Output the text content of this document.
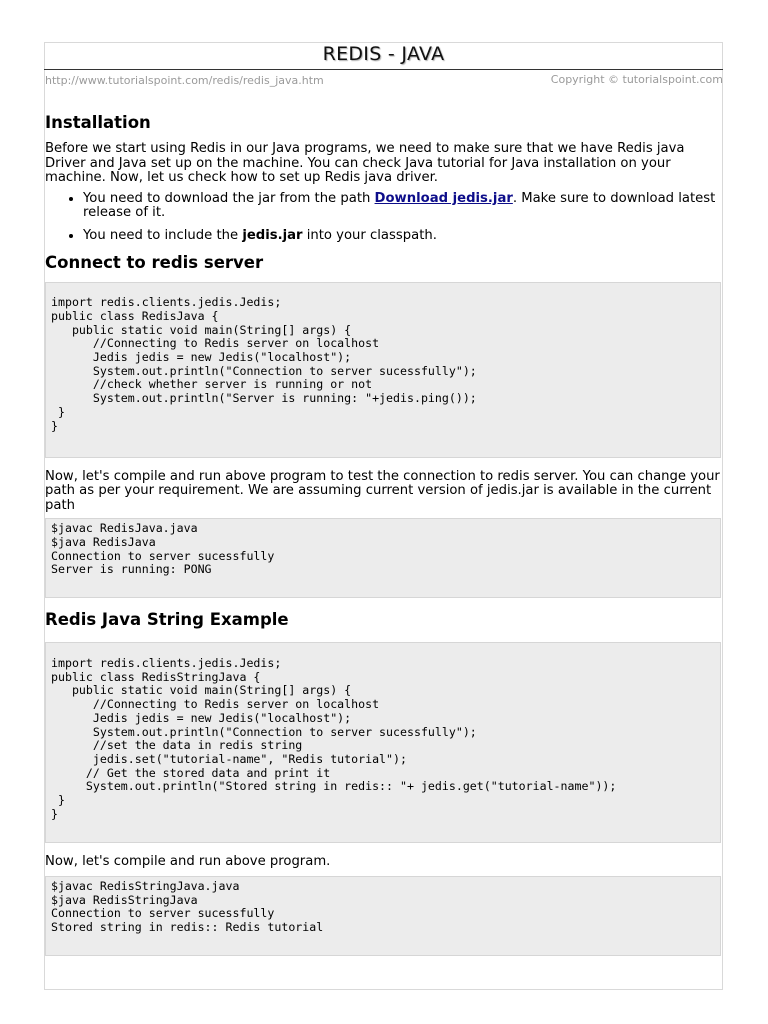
REDIS - JAVA
http://www.tutorialspoint.com/redis/redis_java.htm	Copyright © tutorialspoint.com
Installation

Before we start using Redis in our Java programs, we need to make sure that we have Redis java Driver and Java set up on the machine. You can check Java tutorial for Java installation on your machine. Now, let us check how to set up Redis java driver.

• You need to download the jar from the path Download jedis.jar. Make sure to download latest release of it.
• You need to include the jedis.jar into your classpath.
Connect to redis server

import redis.clients.jedis.Jedis;
public class RedisJava {
public static void main(String[] args) {
//Connecting to Redis server on localhost
Jedis jedis = new Jedis("localhost");
System.out.println("Connection to server sucessfully");
//check whether server is running or not
System.out.println("Server is running: "+jedis.ping());
}
}

Now, let's compile and run above program to test the connection to redis server. You can change your path as per your requirement. We are assuming current version of jedis.jar is available in the current path

$javac RedisJava.java
$java RedisJava
Connection to server sucessfully
Server is running: PONG
Redis Java String Example

import redis.clients.jedis.Jedis;
public class RedisStringJava {
public static void main(String[] args) {
//Connecting to Redis server on localhost
Jedis jedis = new Jedis("localhost");
System.out.println("Connection to server sucessfully");
//set the data in redis string
jedis.set("tutorial-name", "Redis tutorial");
// Get the stored data and print it
System.out.println("Stored string in redis:: "+ jedis.get("tutorial-name"));
}
}

Now, let's compile and run above program.

$javac RedisStringJava.java
$java RedisStringJava
Connection to server sucessfully
Stored string in redis:: Redis tutorial
